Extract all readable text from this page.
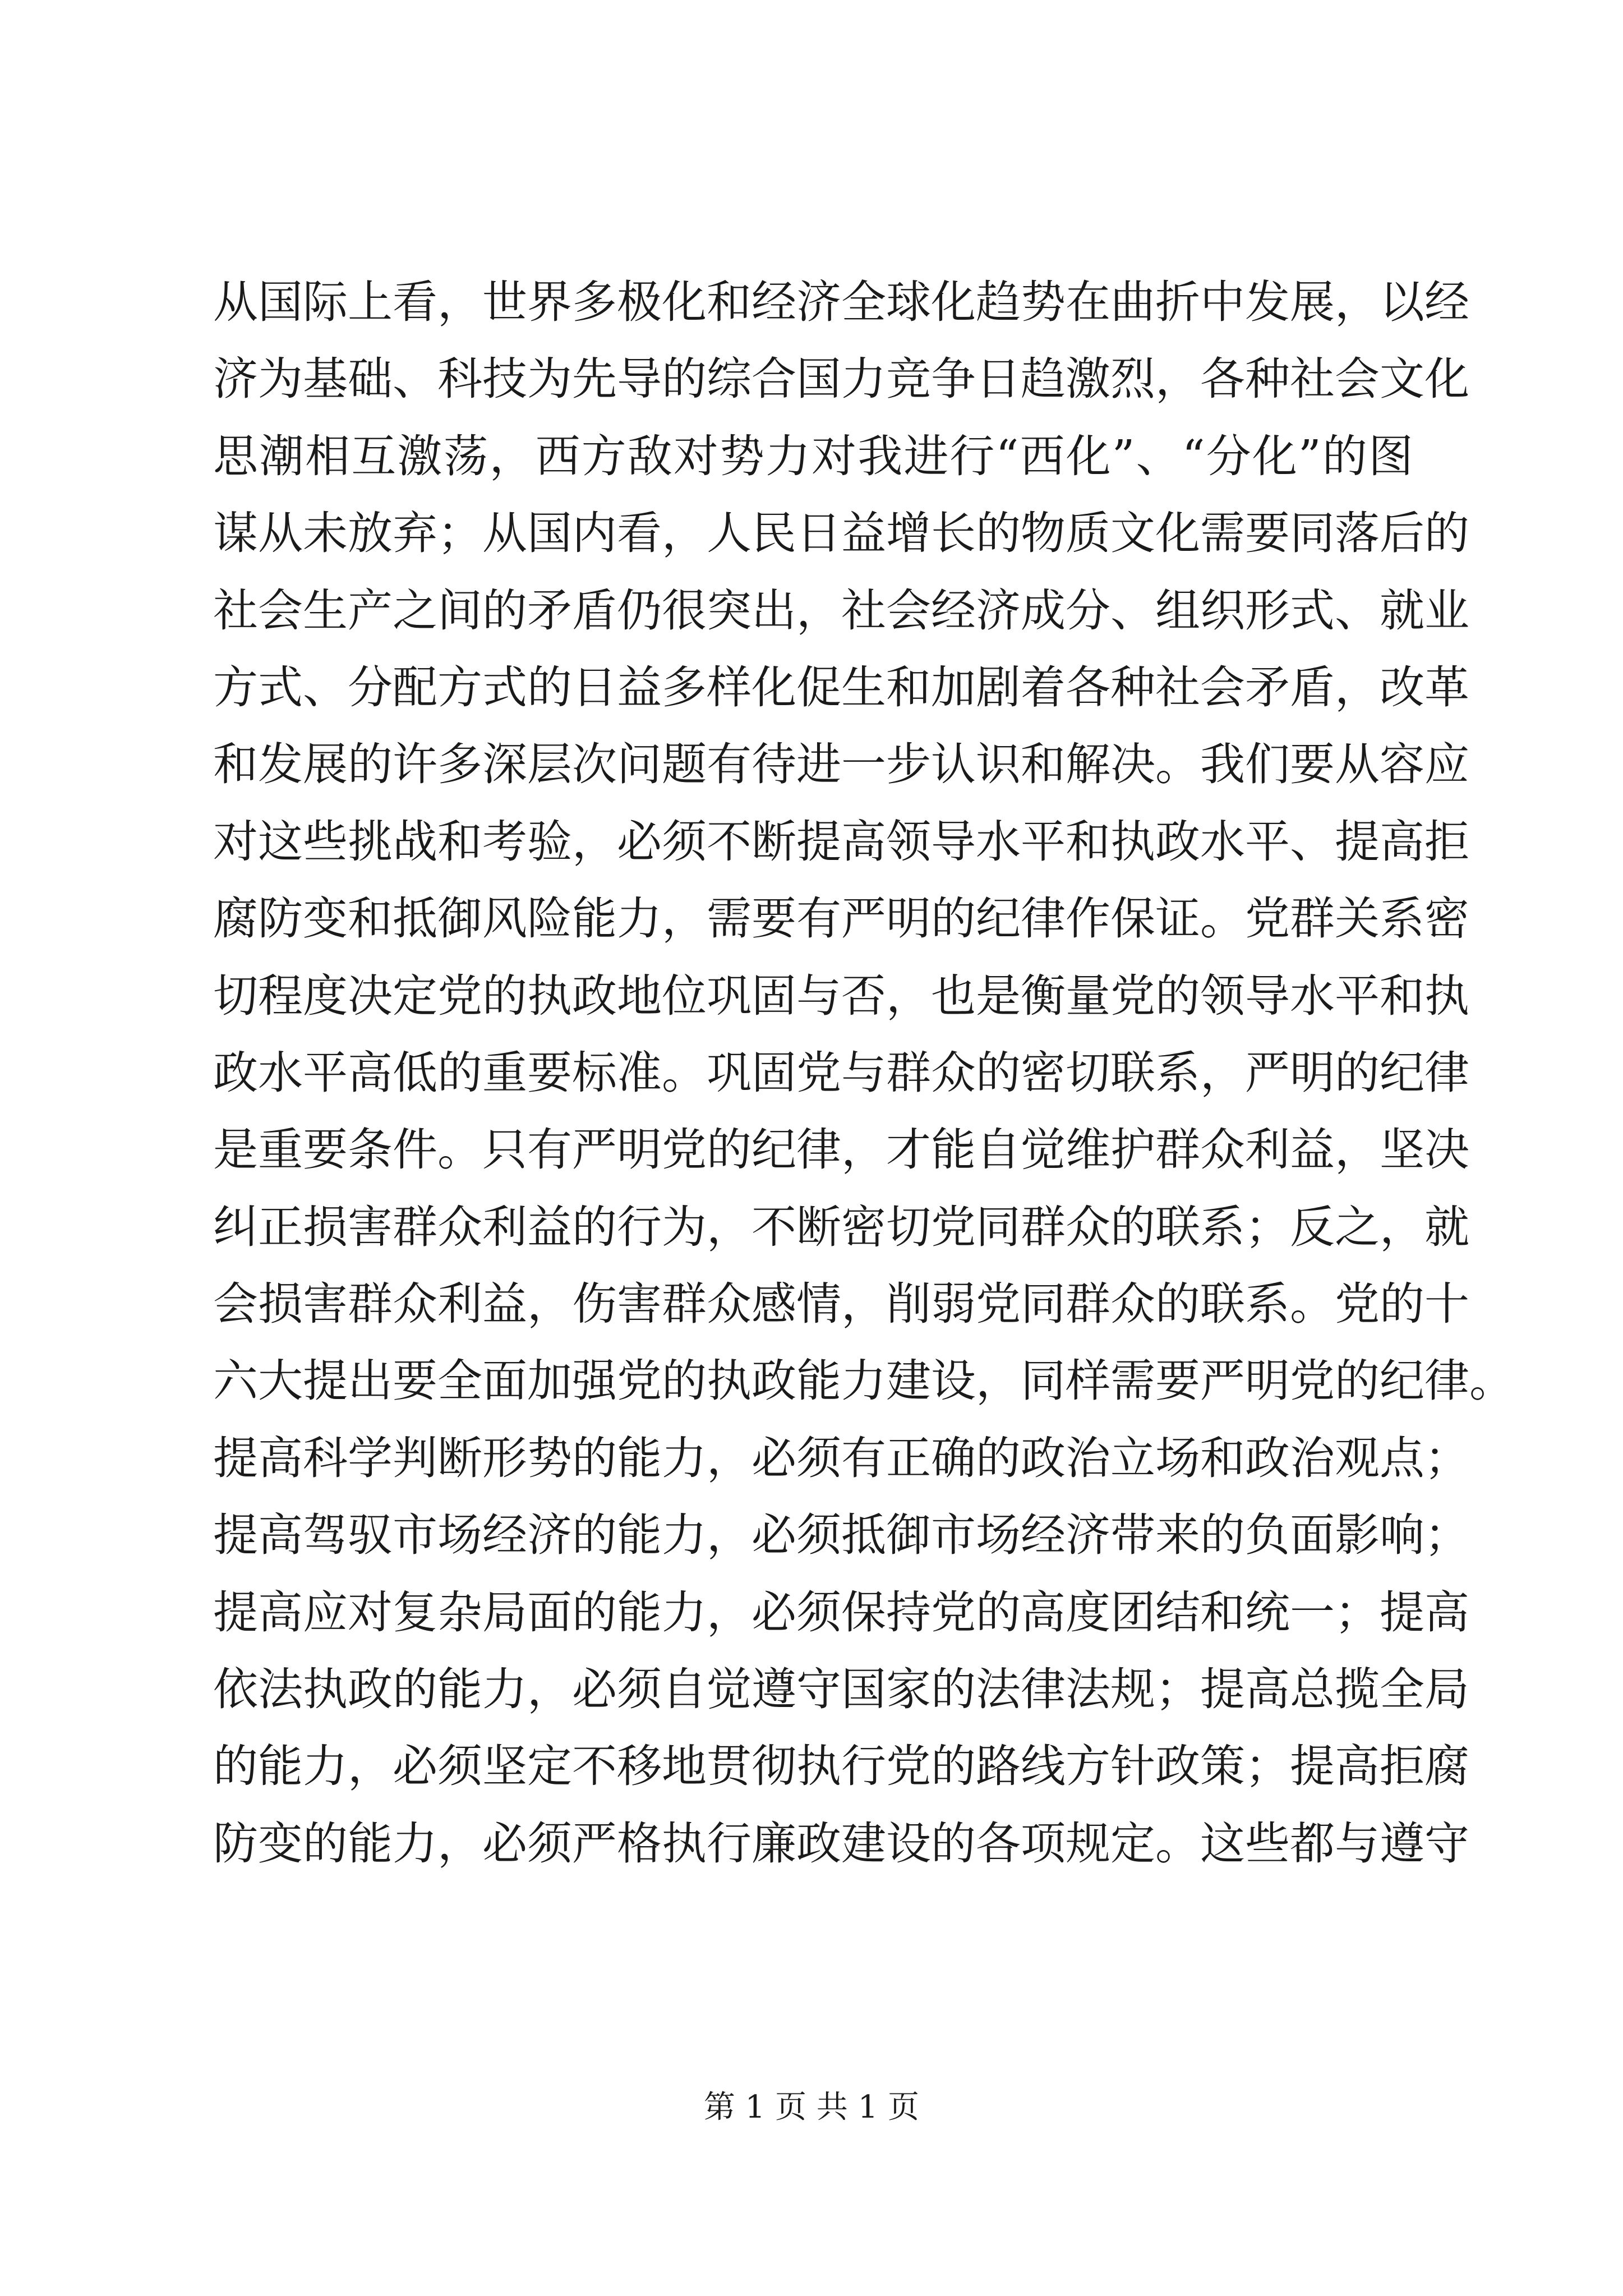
从国际上看，世界多极化和经济全球化趋势在曲折中发展，以经
济为基础、科技为先导的综合国力竞争日趋激烈，各种社会文化
思潮相互激荡，西方敌对势力对我进行“西化”、“分化”的图
谋从未放弃；从国内看，人民日益增长的物质文化需要同落后的
社会生产之间的矛盾仍很突出，社会经济成分、组织形式、就业
方式、分配方式的日益多样化促生和加剧着各种社会矛盾，改革
和发展的许多深层次问题有待进一步认识和解决。我们要从容应
对这些挑战和考验，必须不断提高领导水平和执政水平、提高拒
腐防变和抵御风险能力，需要有严明的纪律作保证。党群关系密
切程度决定党的执政地位巩固与否，也是衡量党的领导水平和执
政水平高低的重要标准。巩固党与群众的密切联系，严明的纪律
是重要条件。只有严明党的纪律，才能自觉维护群众利益，坚决
纠正损害群众利益的行为，不断密切党同群众的联系；反之，就
会损害群众利益，伤害群众感情，削弱党同群众的联系。党的十
六大提出要全面加强党的执政能力建设，同样需要严明党的纪律。
提高科学判断形势的能力，必须有正确的政治立场和政治观点；
提高驾驭市场经济的能力，必须抵御市场经济带来的负面影响；
提高应对复杂局面的能力，必须保持党的高度团结和统一；提高
依法执政的能力，必须自觉遵守国家的法律法规；提高总揽全局
的能力，必须坚定不移地贯彻执行党的路线方针政策；提高拒腐
防变的能力，必须严格执行廉政建设的各项规定。这些都与遵守
第 1 页 共 1 页
